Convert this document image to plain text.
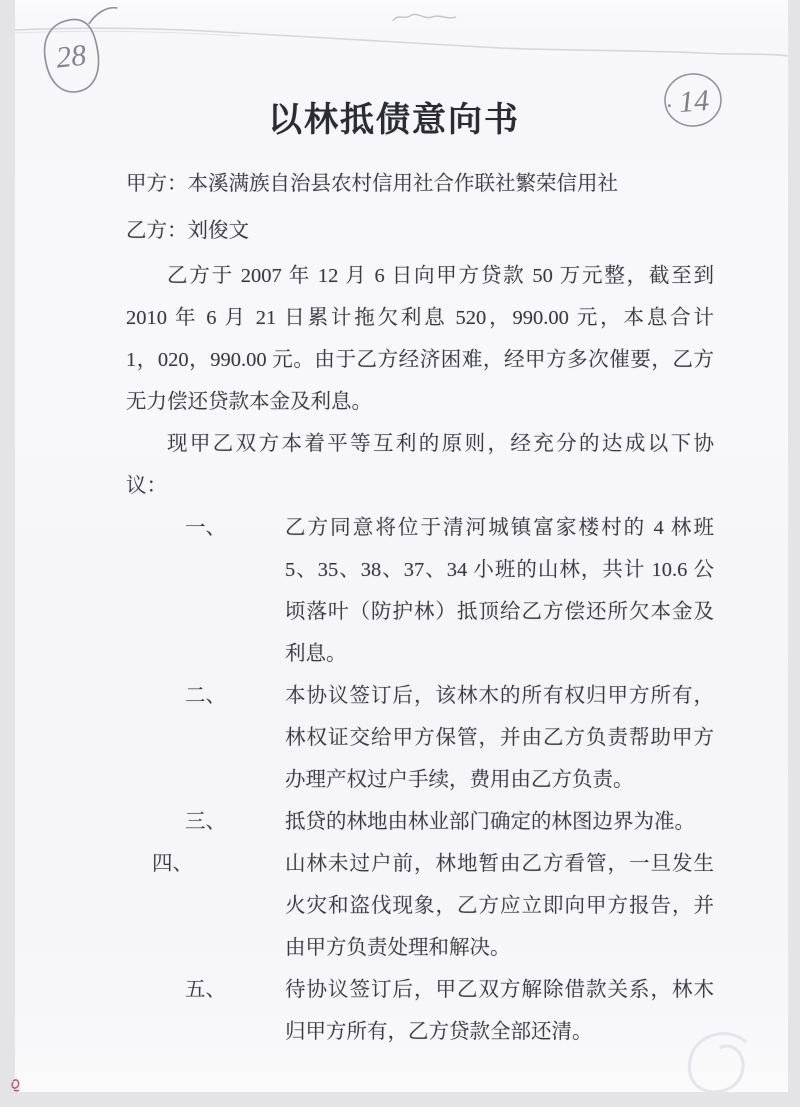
28
14
以林抵债意向书
甲方：本溪满族自治县农村信用社合作联社繁荣信用社
乙方：刘俊文
乙方于 2007 年 12 月 6 日向甲方贷款 50 万元整，截至到
2010 年 6 月 21 日累计拖欠利息 520，990.00 元，本息合计
1，020，990.00 元。由于乙方经济困难，经甲方多次催要，乙方
无力偿还贷款本金及利息。
现甲乙双方本着平等互利的原则，经充分的达成以下协
议：
一、	乙方同意将位于清河城镇富家楼村的 4 林班
5、35、38、37、34 小班的山林，共计 10.6 公
顷落叶（防护林）抵顶给乙方偿还所欠本金及
利息。
二、	本协议签订后，该林木的所有权归甲方所有，
林权证交给甲方保管，并由乙方负责帮助甲方
办理产权过户手续，费用由乙方负责。
三、	抵贷的林地由林业部门确定的林图边界为准。
四、	山林未过户前，林地暂由乙方看管，一旦发生
火灾和盗伐现象，乙方应立即向甲方报告，并
由甲方负责处理和解决。
五、	待协议签订后，甲乙双方解除借款关系，林木
归甲方所有，乙方贷款全部还清。
